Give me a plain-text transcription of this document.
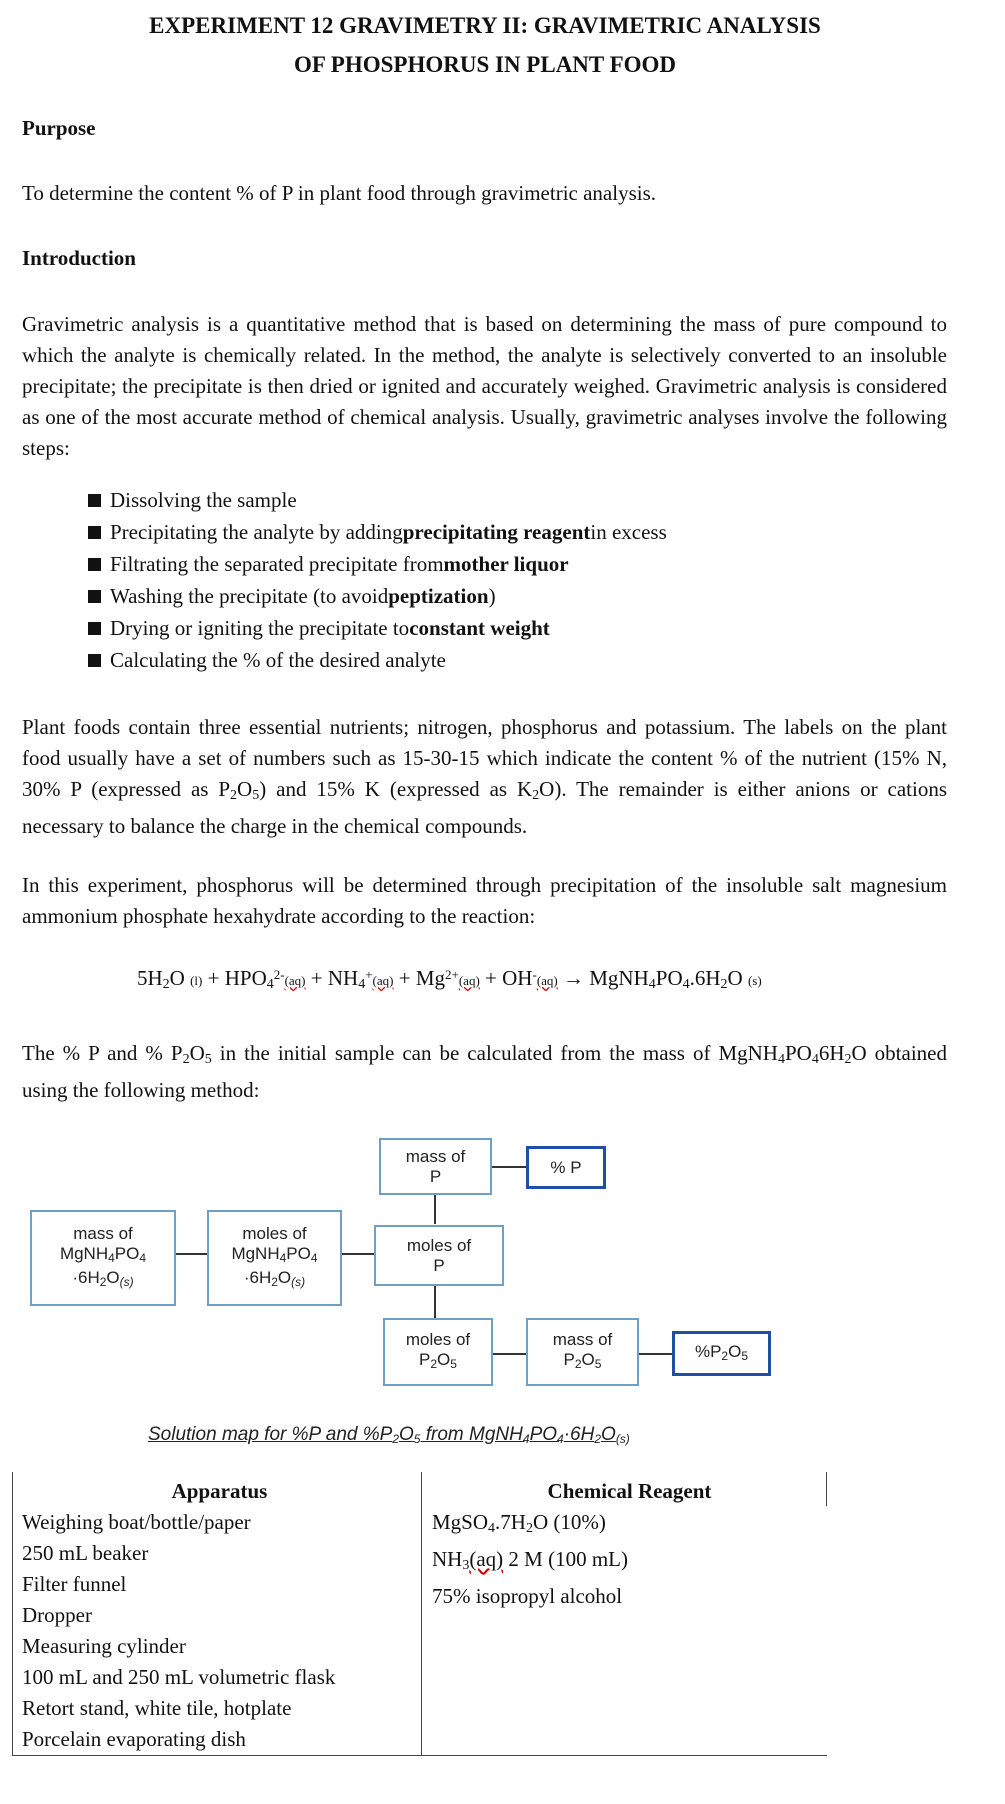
EXPERIMENT 12 GRAVIMETRY II: GRAVIMETRIC ANALYSIS
OF PHOSPHORUS IN PLANT FOOD
Purpose
To determine the content % of P in plant food through gravimetric analysis.
Introduction
Gravimetric analysis is a quantitative method that is based on determining the mass of pure compound to which the analyte is chemically related. In the method, the analyte is selectively converted to an insoluble precipitate; the precipitate is then dried or ignited and accurately weighed. Gravimetric analysis is considered as one of the most accurate method of chemical analysis. Usually, gravimetric analyses involve the following steps:
Dissolving the sample
Precipitating the analyte by adding precipitating reagent in excess
Filtrating the separated precipitate from mother liquor
Washing the precipitate (to avoid peptization )
Drying or igniting the precipitate to constant weight
Calculating the % of the desired analyte
Plant foods contain three essential nutrients; nitrogen, phosphorus and potassium. The labels on the plant food usually have a set of numbers such as 15-30-15 which indicate the content % of the nutrient (15% N, 30% P (expressed as P2O5) and 15% K (expressed as K2O). The remainder is either anions or cations necessary to balance the charge in the chemical compounds.
In this experiment, phosphorus will be determined through precipitation of the insoluble salt magnesium ammonium phosphate hexahydrate according to the reaction:
$5H_2O$ $(l) + HPO_4^{2-}(aq) + NH_4^+(aq) + Mg^{2+}(aq) + OH^-(aq)$ → $MgNH_4PO_4.6H_2O$ (s)
The % P and % P2O5 in the initial sample can be calculated from the mass of MgNH4PO46H2O obtained using the following method:
mass of
MgNH4PO4
·6H2O(s)
moles of
MgNH4PO4
·6H2O(s)
mass of
P	% P
moles of
P
moles of
P2O5
mass of
P2O5
%P2O5
Solution map for %P and %P2O5 from MgNH4PO4·6H2O(s)
Apparatus
Weighing boat/bottle/paper
250 mL beaker
Filter funnel
Dropper
Measuring cylinder
100 mL and 250 mL volumetric flask
Retort stand, white tile, hotplate
Porcelain evaporating dish
Chemical Reagent
MgSO4.7H2O (10%)
NH3(aq) 2 M (100 mL)
75% isopropyl alcohol
